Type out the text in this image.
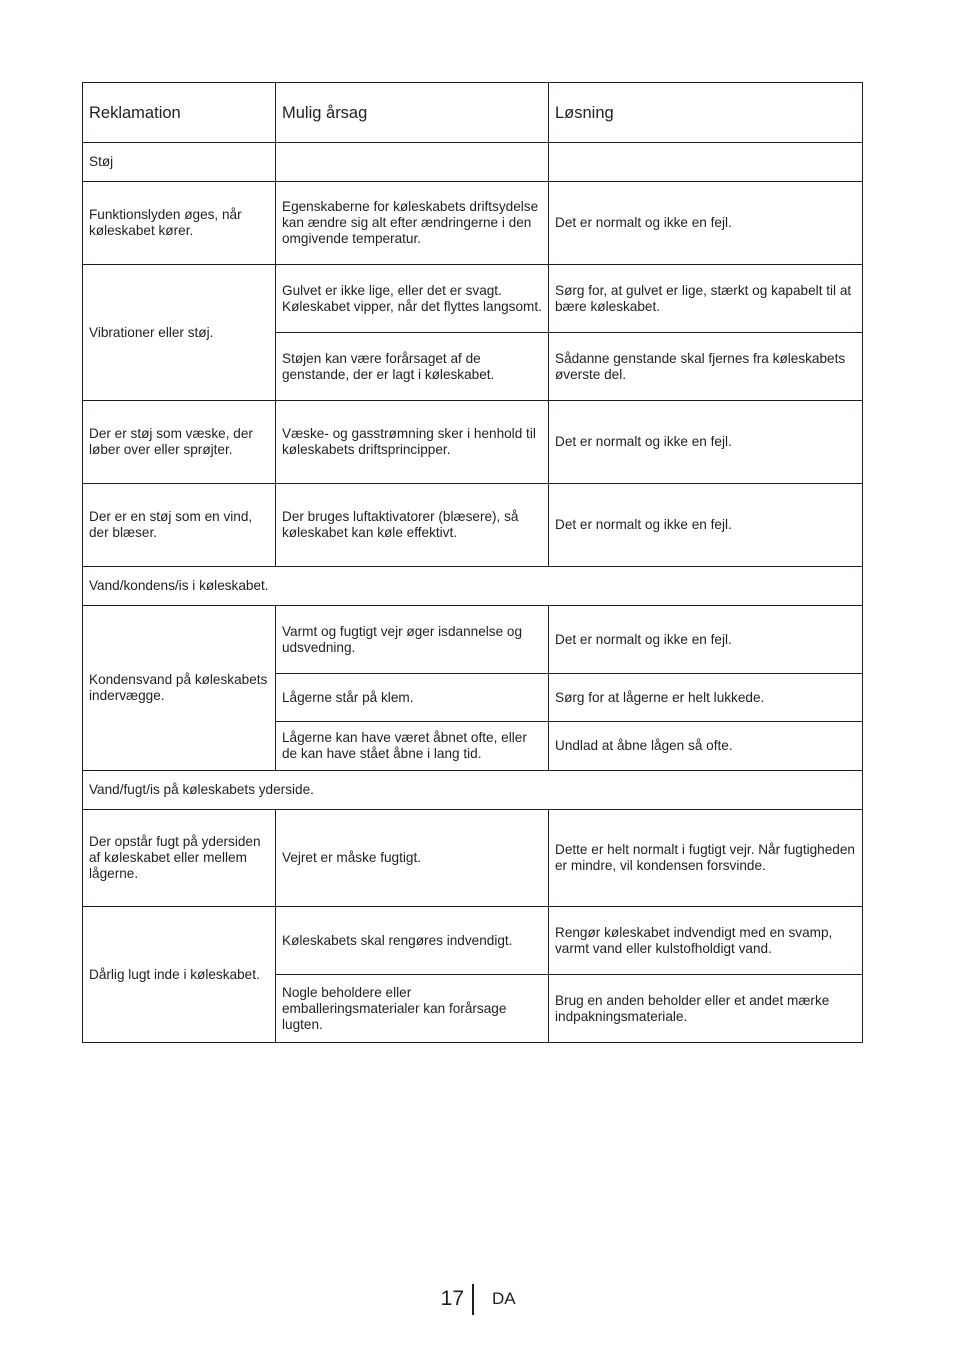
Reklamation	Mulig årsag	Løsning
Støj		
Funktionslyden øges, når køleskabet kører.	Egenskaberne for køleskabets driftsydelse kan ændre sig alt efter ændringerne i den omgivende temperatur.	Det er normalt og ikke en fejl.
Vibrationer eller støj.	Gulvet er ikke lige, eller det er svagt. Køleskabet vipper, når det flyttes langsomt.	Sørg for, at gulvet er lige, stærkt og kapabelt til at bære køleskabet.
	Støjen kan være forårsaget af de genstande, der er lagt i køleskabet.	Sådanne genstande skal fjernes fra køleskabets øverste del.
Der er støj som væske, der løber over eller sprøjter.	Væske- og gasstrømning sker i henhold til køleskabets driftsprincipper.	Det er normalt og ikke en fejl.
Der er en støj som en vind, der blæser.	Der bruges luftaktivatorer (blæsere), så køleskabet kan køle effektivt.	Det er normalt og ikke en fejl.
Vand/kondens/is i køleskabet.		
Kondensvand på køleskabets indervægge.	Varmt og fugtigt vejr øger isdannelse og udsvedning.	Det er normalt og ikke en fejl.
	Lågerne står på klem.	Sørg for at lågerne er helt lukkede.
	Lågerne kan have været åbnet ofte, eller de kan have stået åbne i lang tid.	Undlad at åbne lågen så ofte.
Vand/fugt/is på køleskabets yderside.		
Der opstår fugt på ydersiden af køleskabet eller mellem lågerne.	Vejret er måske fugtigt.	Dette er helt normalt i fugtigt vejr. Når fugtigheden er mindre, vil kondensen forsvinde.
Dårlig lugt inde i køleskabet.	Køleskabets skal rengøres indvendigt.	Rengør køleskabet indvendigt med en svamp, varmt vand eller kulstofholdigt vand.
	Nogle beholdere eller emballeringsmaterialer kan forårsage lugten.	Brug en anden beholder eller et andet mærke indpakningsmateriale.
17 DA
